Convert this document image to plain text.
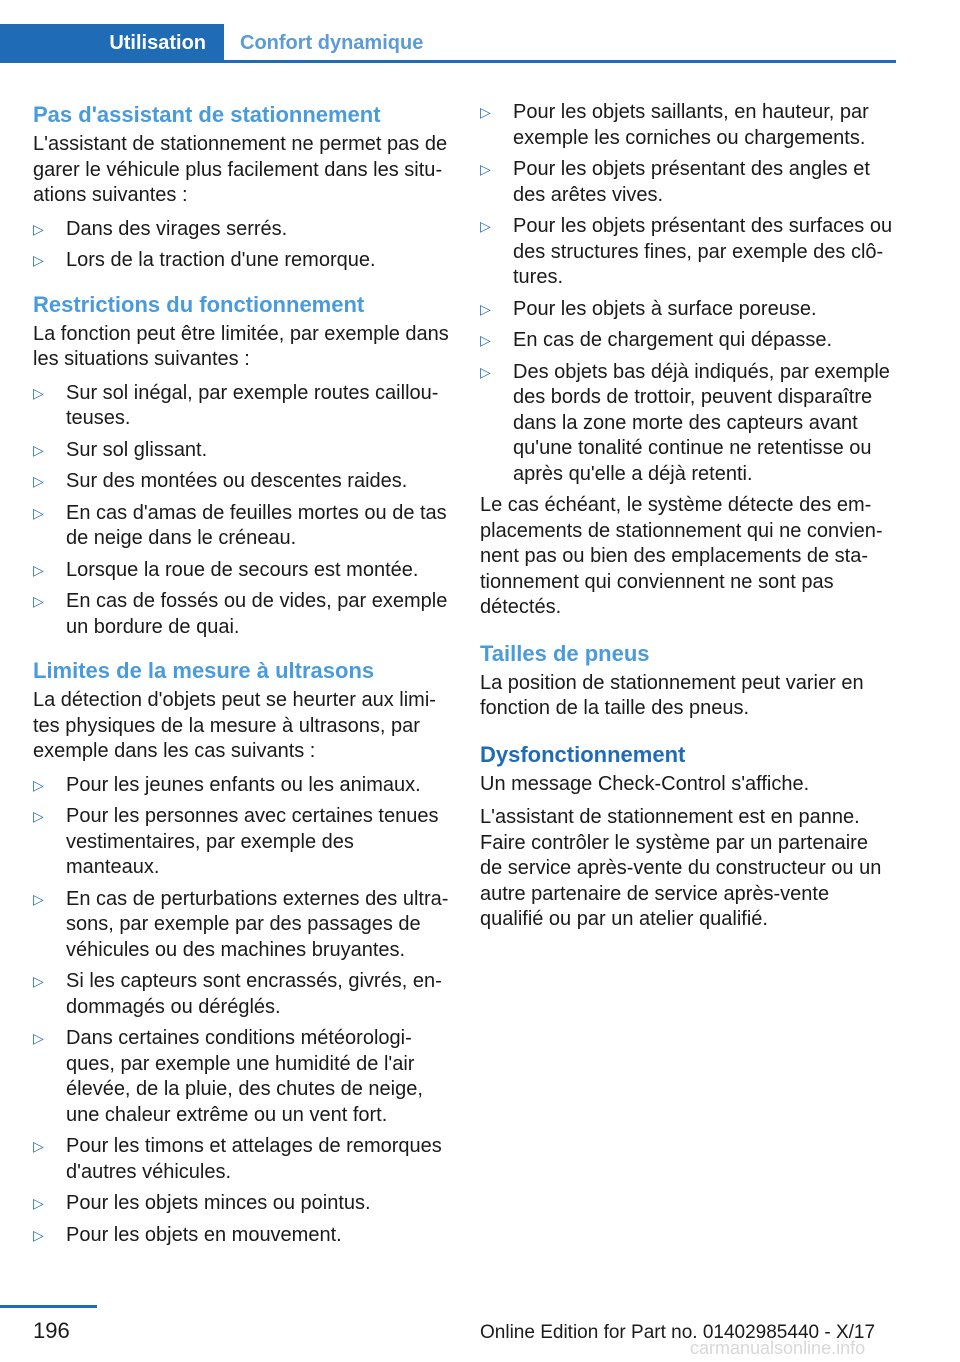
Utilisation	Confort dynamique
Pas d'assistant de stationnement

L'assistant de stationnement ne permet pas de garer le véhicule plus facilement dans les situations suivantes :

▷ Dans des virages serrés.
▷ Lors de la traction d'une remorque.
Restrictions du fonctionnement

La fonction peut être limitée, par exemple dans les situations suivantes :

▷ Sur sol inégal, par exemple routes caillouteuses.
▷ Sur sol glissant.
▷ Sur des montées ou descentes raides.
▷ En cas d'amas de feuilles mortes ou de tas de neige dans le créneau.
▷ Lorsque la roue de secours est montée.
▷ En cas de fossés ou de vides, par exemple un bordure de quai.
Limites de la mesure à ultrasons

La détection d'objets peut se heurter aux limites physiques de la mesure à ultrasons, par exemple dans les cas suivants :

▷ Pour les jeunes enfants ou les animaux.
▷ Pour les personnes avec certaines tenues vestimentaires, par exemple des manteaux.
▷ En cas de perturbations externes des ultrasons, par exemple par des passages de véhicules ou des machines bruyantes.
▷ Si les capteurs sont encrassés, givrés, endommagés ou déréglés.
▷ Dans certaines conditions météorologiques, par exemple une humidité de l'air élevée, de la pluie, des chutes de neige, une chaleur extrême ou un vent fort.
▷ Pour les timons et attelages de remorques d'autres véhicules.
▷ Pour les objets minces ou pointus.
▷ Pour les objets en mouvement.
▷ Pour les objets saillants, en hauteur, par exemple les corniches ou chargements.
▷ Pour les objets présentant des angles et des arêtes vives.
▷ Pour les objets présentant des surfaces ou des structures fines, par exemple des clôtures.
▷ Pour les objets à surface poreuse.
▷ En cas de chargement qui dépasse.
▷ Des objets bas déjà indiqués, par exemple des bords de trottoir, peuvent disparaître dans la zone morte des capteurs avant qu'une tonalité continue ne retentisse ou après qu'elle a déjà retenti.

Le cas échéant, le système détecte des emplacements de stationnement qui ne conviennent pas ou bien des emplacements de stationnement qui conviennent ne sont pas détectés.

Tailles de pneus

La position de stationnement peut varier en fonction de la taille des pneus.

Dysfonctionnement

Un message Check-Control s'affiche.

L'assistant de stationnement est en panne. Faire contrôler le système par un partenaire de service après-vente du constructeur ou un autre partenaire de service après-vente qualifié ou par un atelier qualifié.

196	Online Edition for Part no. 01402985440 - X/17
carmanualsonline.info
